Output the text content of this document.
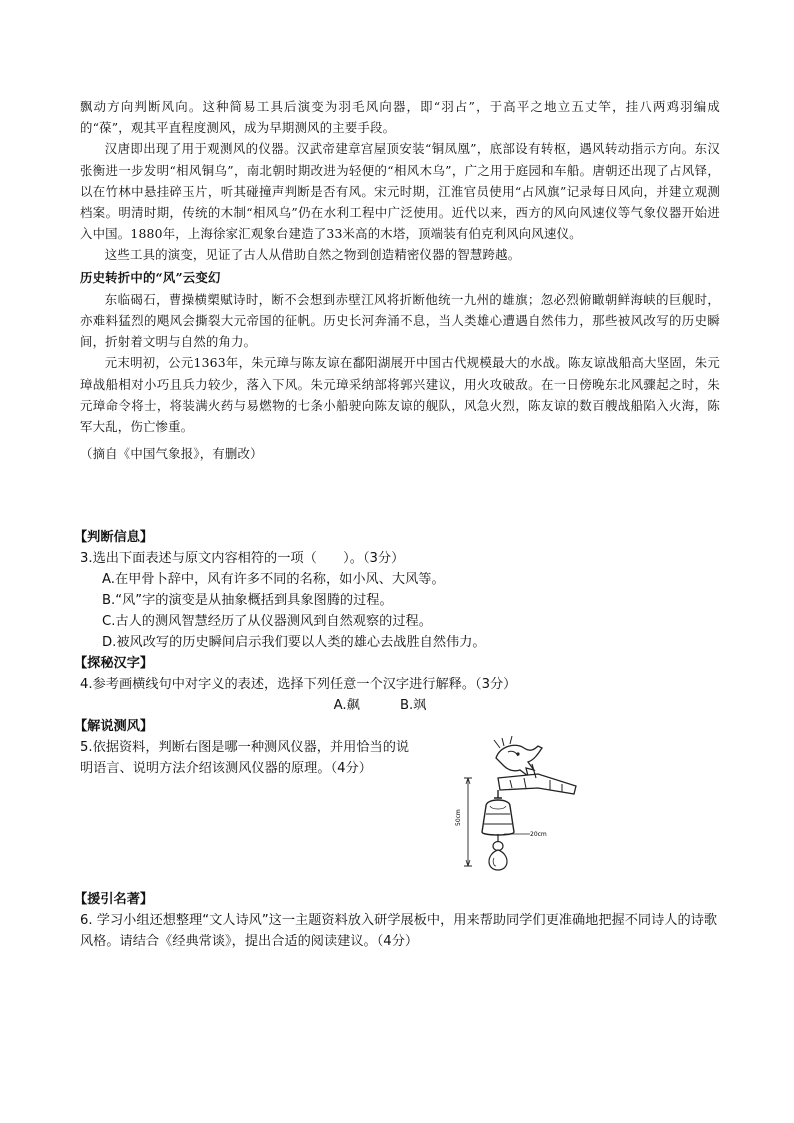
飘动方向判断风向。这种简易工具后演变为羽毛风向器，即“羽占”，于高平之地立五丈竿，挂八两鸡羽编成的“葆”，观其平直程度测风，成为早期测风的主要手段。

汉唐即出现了用于观测风的仪器。汉武帝建章宫屋顶安装“铜凤凰”，底部设有转枢，遇风转动指示方向。东汉张衡进一步发明“相风铜乌”，南北朝时期改进为轻便的“相风木乌”，广之用于庭园和车船。唐朝还出现了占风铎，以在竹林中悬挂碎玉片，听其碰撞声判断是否有风。宋元时期，江淮官员使用“占风旗”记录每日风向，并建立观测档案。明清时期，传统的木制“相风乌”仍在水利工程中广泛使用。近代以来，西方的风向风速仪等气象仪器开始进入中国。1880年，上海徐家汇观象台建造了33米高的木塔，顶端装有伯克利风向风速仪。

这些工具的演变，见证了古人从借助自然之物到创造精密仪器的智慧跨越。

历史转折中的“风”云变幻

东临碣石，曹操横槊赋诗时，断不会想到赤壁江风将折断他统一九州的雄旗；忽必烈俯瞰朝鲜海峡的巨舰时，亦难料猛烈的飓风会撕裂大元帝国的征帆。历史长河奔涌不息，当人类雄心遭遇自然伟力，那些被风改写的历史瞬间，折射着文明与自然的角力。

元末明初，公元1363年，朱元璋与陈友谅在鄱阳湖展开中国古代规模最大的水战。陈友谅战船高大坚固，朱元璋战船相对小巧且兵力较少，落入下风。朱元璋采纳部将郭兴建议，用火攻破敌。在一日傍晚东北风骤起之时，朱元璋命令将士，将装满火药与易燃物的七条小船驶向陈友谅的舰队，风急火烈，陈友谅的数百艘战船陷入火海，陈军大乱，伤亡惨重。

（摘自《中国气象报》，有删改）

【判断信息】

3.选出下面表述与原文内容相符的一项（　　）。（3分）

A.在甲骨卜辞中，风有许多不同的名称，如小风、大风等。

B.“风”字的演变是从抽象概括到具象图腾的过程。

C.古人的测风智慧经历了从仪器测风到自然观察的过程。

D.被风改写的历史瞬间启示我们要以人类的雄心去战胜自然伟力。

【探秘汉字】

4.参考画横线句中对字义的表述，选择下列任意一个汉字进行解释。（3分）

A.飙	B.飒

【解说测风】

5.依据资料，判断右图是哪一种测风仪器，并用恰当的说

明语言、说明方法介绍该测风仪器的原理。（4分）

50cm
20cm

【援引名著】

6. 学习小组还想整理“文人诗风”这一主题资料放入研学展板中，用来帮助同学们更准确地把握不同诗人的诗歌风格。请结合《经典常谈》，提出合适的阅读建议。（4分）
